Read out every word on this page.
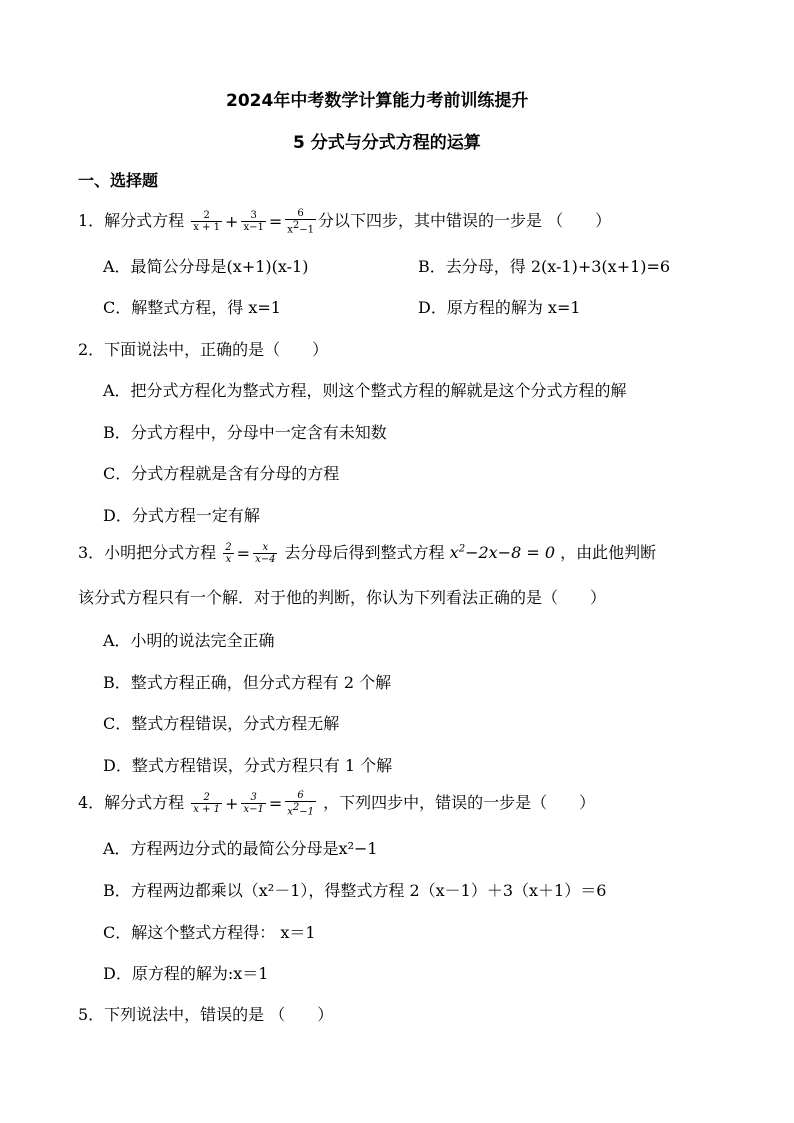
2024年中考数学计算能力考前训练提升
5 分式与分式方程的运算
一、选择题
1．解分式方程 $\frac{2}{x + 1} + \frac{3}{x-1} = \frac{6}{x^2-1}$ 分以下四步，其中错误的一步是 （　　）
A．最简公分母是(x+1)(x-1)	B．去分母，得 2(x-1)+3(x+1)=6
C．解整式方程，得 x=1	D．原方程的解为 x=1
2．下面说法中，正确的是（　　）
A．把分式方程化为整式方程，则这个整式方程的解就是这个分式方程的解
B．分式方程中，分母中一定含有未知数
C．分式方程就是含有分母的方程
D．分式方程一定有解
3．小明把分式方程 $\frac{2}{x} = \frac{x}{x-4}$ 去分母后得到整式方程 $x^2-2x-8 = 0$ ，由此他判断
该分式方程只有一个解．对于他的判断，你认为下列看法正确的是（　　）
A．小明的说法完全正确
B．整式方程正确，但分式方程有 2 个解
C．整式方程错误，分式方程无解
D．整式方程错误，分式方程只有 1 个解
4．解分式方程 $\frac{2}{x + 1} + \frac{3}{x-1} = \frac{6}{x^2-1}$ ，下列四步中，错误的一步是（　　）
A．方程两边分式的最简公分母是x²−1
B．方程两边都乘以（x²－1），得整式方程 2（x－1）＋3（x＋1）＝6
C．解这个整式方程得： x＝1
D．原方程的解为:x＝1
5．下列说法中，错误的是 （　　）
